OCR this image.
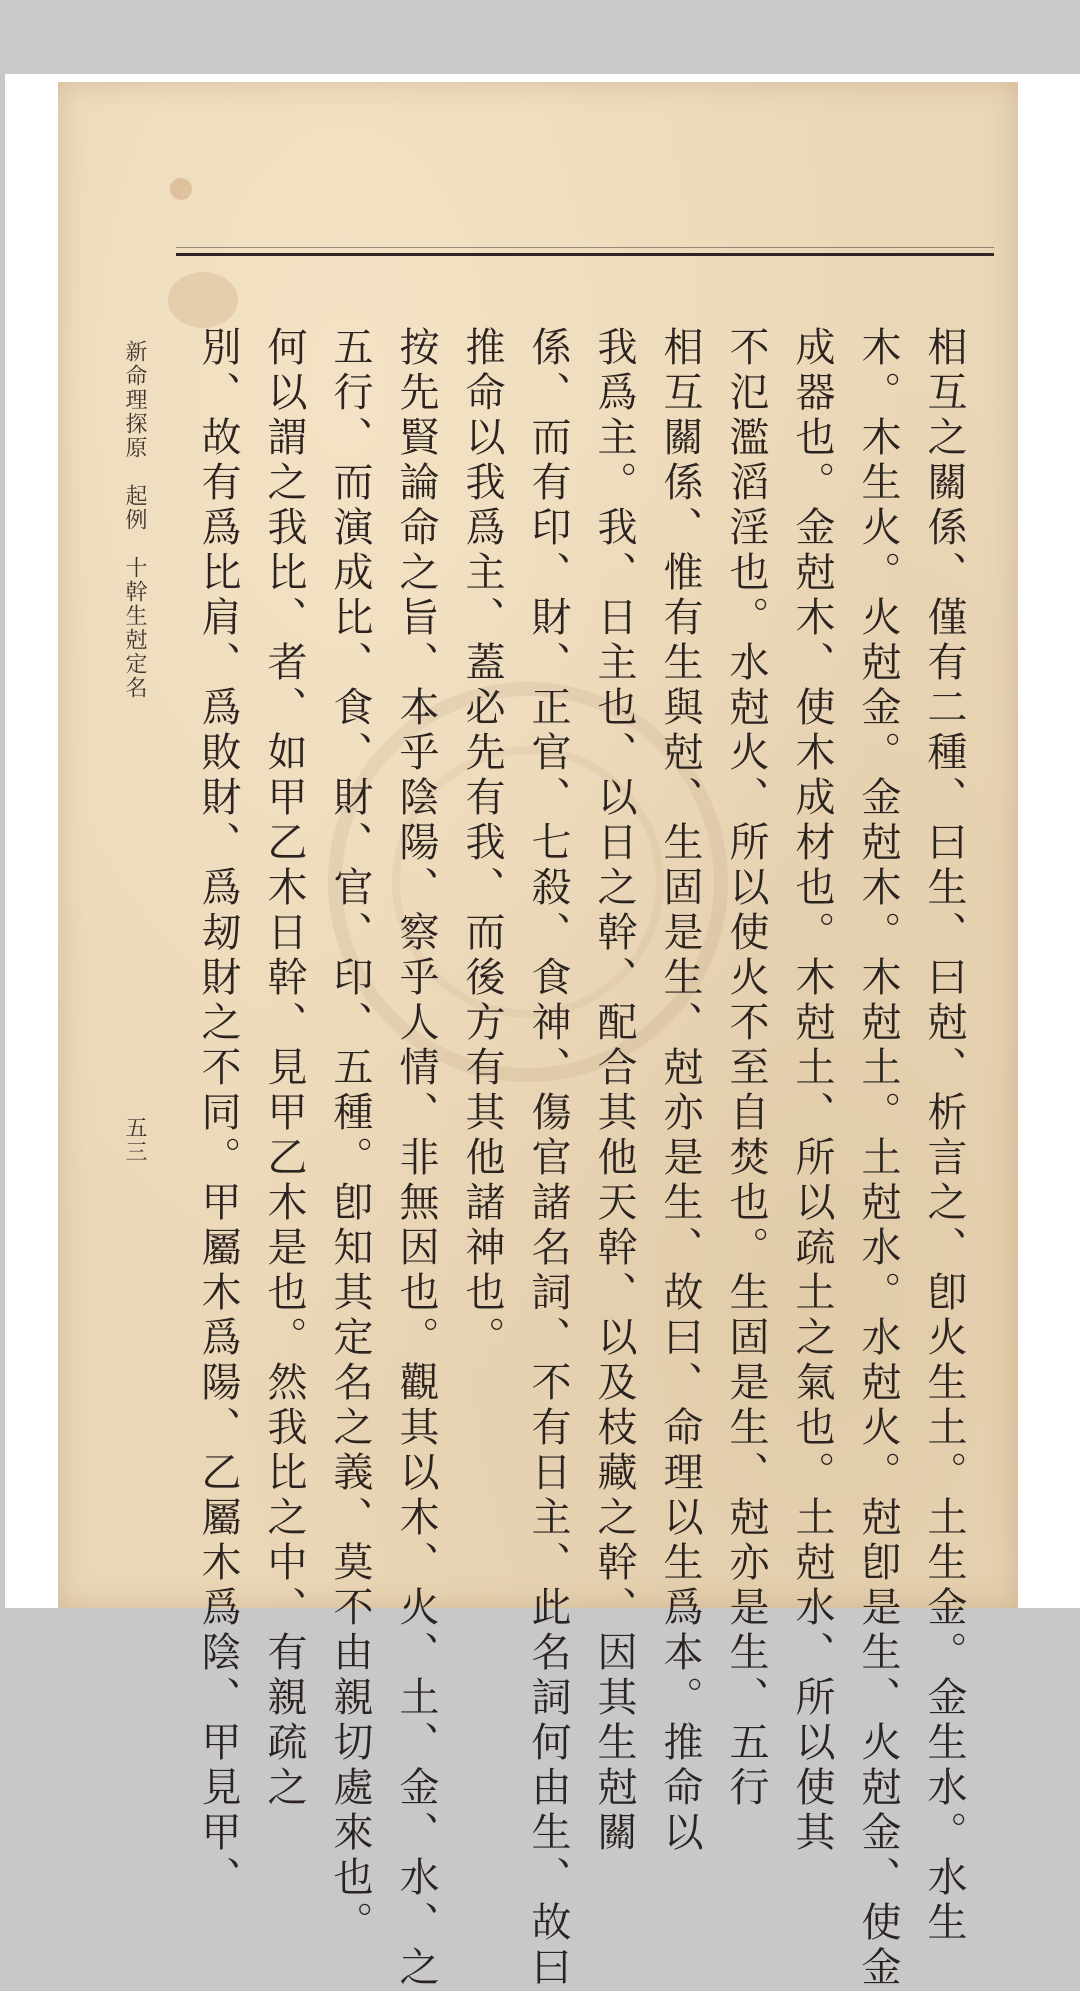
相互之關係、僅有二種、曰生、曰尅、析言之、卽火生土。土生金。金生水。水生
木。木生火。火尅金。金尅木。木尅土。土尅水。水尅火。尅卽是生、火尅金、使金
成器也。金尅木、使木成材也。木尅土、所以疏土之氣也。土尅水、所以使其
不氾濫滔淫也。水尅火、所以使火不至自焚也。生固是生、尅亦是生、五行
相互關係、惟有生與尅、生固是生、尅亦是生、故曰、命理以生爲本。推命以
我爲主。我、日主也、以日之幹、配合其他天幹、以及枝藏之幹、因其生尅關
係、而有印、財、正官、七殺、食神、傷官諸名詞、不有日主、此名詞何由生、故曰
推命以我爲主、蓋必先有我、而後方有其他諸神也。
按先賢論命之旨、本乎陰陽、察乎人情、非無因也。觀其以木、火、土、金、水、之
五行、而演成比、食、財、官、印、五種。卽知其定名之義、莫不由親切處來也。
何以謂之我比、者、如甲乙木日幹、見甲乙木是也。然我比之中、有親疏之
別、故有爲比肩、爲敗財、爲刼財之不同。甲屬木爲陽、乙屬木爲陰、甲見甲、
新命理探原　起例　十幹生尅定名
五三
